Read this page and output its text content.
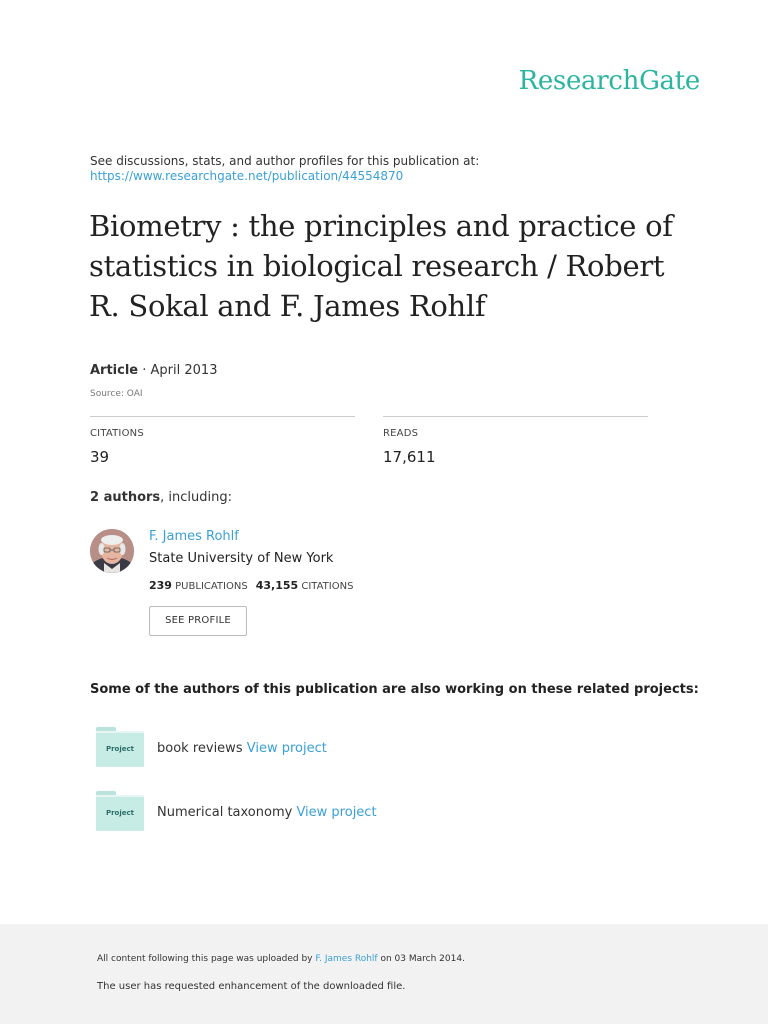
ResearchGate
See discussions, stats, and author profiles for this publication at:
https://www.researchgate.net/publication/44554870
Biometry : the principles and practice of statistics in biological research / Robert R. Sokal and F. James Rohlf
Article · April 2013
Source: OAI
CITATIONS
39
READS
17,611
2 authors, including:
F. James Rohlf
State University of New York
239 PUBLICATIONS 43,155 CITATIONS
SEE PROFILE
Some of the authors of this publication are also working on these related projects:
Project	book reviews View project
Project	Numerical taxonomy View project
All content following this page was uploaded by F. James Rohlf on 03 March 2014.
The user has requested enhancement of the downloaded file.
